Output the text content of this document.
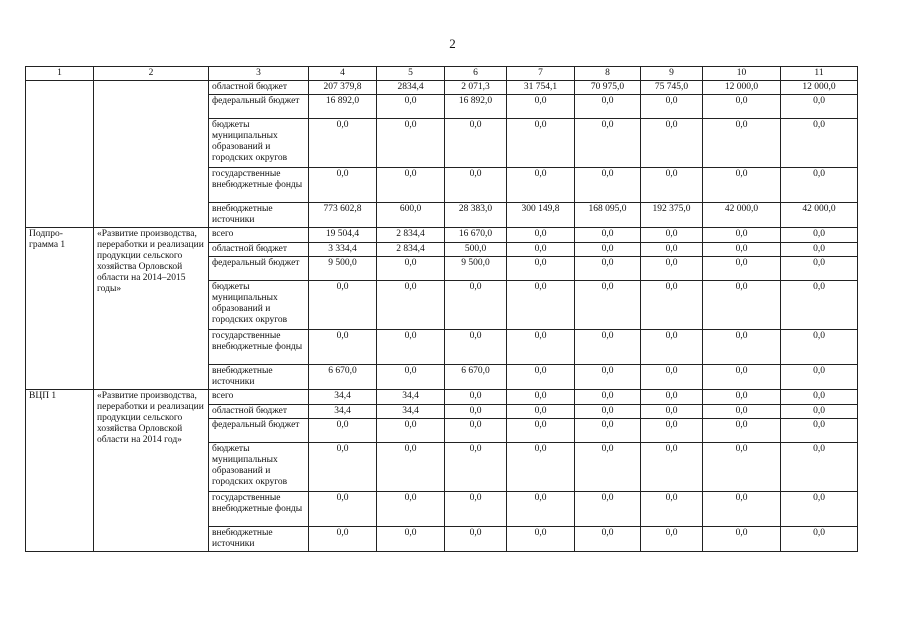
2
1	2	3	4	5	6	7	8	9	10	11
		областной бюджет	207 379,8	2834,4	2 071,3	31 754,1	70 975,0	75 745,0	12 000,0	12 000,0
		федеральный бюджет	16 892,0	0,0	16 892,0	0,0	0,0	0,0	0,0	0,0
		бюджеты муниципальных образований и городских округов	0,0	0,0	0,0	0,0	0,0	0,0	0,0	0,0
		государственные внебюджетные фонды	0,0	0,0	0,0	0,0	0,0	0,0	0,0	0,0
		внебюджетные источники	773 602,8	600,0	28 383,0	300 149,8	168 095,0	192 375,0	42 000,0	42 000,0
Подпро-грамма 1	«Развитие производства, переработки и реализации продукции сельского хозяйства Орловской области на 2014–2015 годы»	всего	19 504,4	2 834,4	16 670,0	0,0	0,0	0,0	0,0	0,0
		областной бюджет	3 334,4	2 834,4	500,0	0,0	0,0	0,0	0,0	0,0
		федеральный бюджет	9 500,0	0,0	9 500,0	0,0	0,0	0,0	0,0	0,0
		бюджеты муниципальных образований и городских округов	0,0	0,0	0,0	0,0	0,0	0,0	0,0	0,0
		государственные внебюджетные фонды	0,0	0,0	0,0	0,0	0,0	0,0	0,0	0,0
		внебюджетные источники	6 670,0	0,0	6 670,0	0,0	0,0	0,0	0,0	0,0
ВЦП 1	«Развитие производства, переработки и реализации продукции сельского хозяйства Орловской области на 2014 год»	всего	34,4	34,4	0,0	0,0	0,0	0,0	0,0	0,0
		областной бюджет	34,4	34,4	0,0	0,0	0,0	0,0	0,0	0,0
		федеральный бюджет	0,0	0,0	0,0	0,0	0,0	0,0	0,0	0,0
		бюджеты муниципальных образований и городских округов	0,0	0,0	0,0	0,0	0,0	0,0	0,0	0,0
		государственные внебюджетные фонды	0,0	0,0	0,0	0,0	0,0	0,0	0,0	0,0
		внебюджетные источники	0,0	0,0	0,0	0,0	0,0	0,0	0,0	0,0
